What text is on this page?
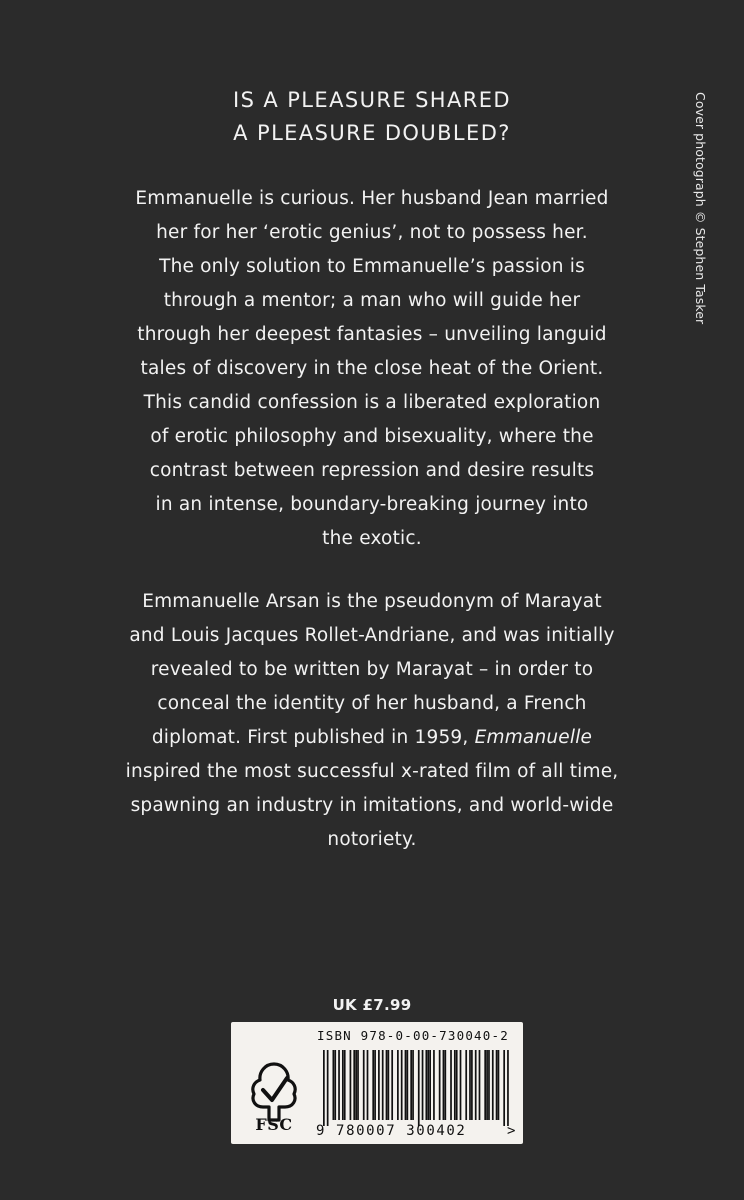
IS A PLEASURE SHARED
A PLEASURE DOUBLED?
Emmanuelle is curious. Her husband Jean married
her for her ‘erotic genius’, not to possess her.
The only solution to Emmanuelle’s passion is
through a mentor; a man who will guide her
through her deepest fantasies – unveiling languid
tales of discovery in the close heat of the Orient.
This candid confession is a liberated exploration
of erotic philosophy and bisexuality, where the
contrast between repression and desire results
in an intense, boundary-breaking journey into
the exotic.
Emmanuelle Arsan is the pseudonym of Marayat
and Louis Jacques Rollet-Andriane, and was initially
revealed to be written by Marayat – in order to
conceal the identity of her husband, a French
diplomat. First published in 1959, Emmanuelle
inspired the most successful x-rated film of all time,
spawning an industry in imitations, and world-wide
notoriety.
Cover photograph © Stephen Tasker
UK £7.99
ISBN 978-0-00-730040-2
FSC	9 780007 300402	>
